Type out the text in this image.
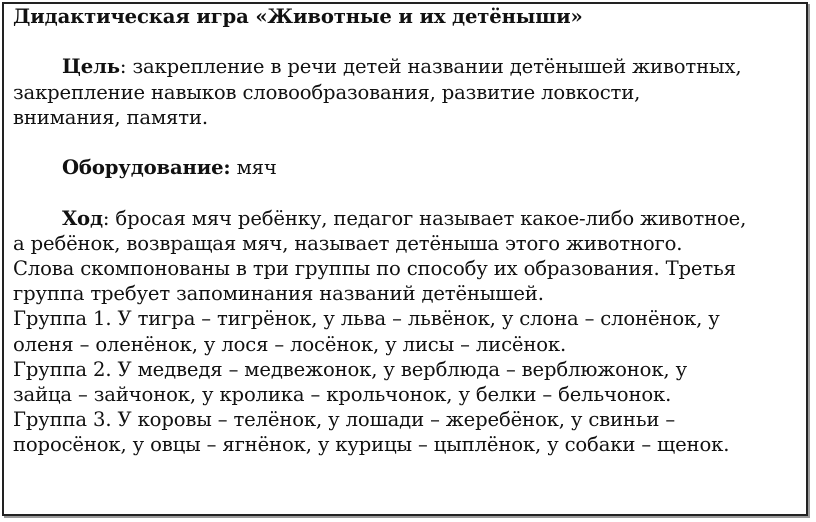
Дидактическая игра «Животные и их детёныши»
Цель: закрепление в речи детей названии детёнышей животных,
закрепление навыков словообразования, развитие ловкости,
внимания, памяти.
Оборудование: мяч
Ход: бросая мяч ребёнку, педагог называет какое-либо животное,
а ребёнок, возвращая мяч, называет детёныша этого животного.
Слова скомпонованы в три группы по способу их образования. Третья
группа требует запоминания названий детёнышей.
Группа 1. У тигра – тигрёнок, у льва – львёнок, у слона – слонёнок, у
оленя – оленёнок, у лося – лосёнок, у лисы – лисёнок.
Группа 2. У медведя – медвежонок, у верблюда – верблюжонок, у
зайца – зайчонок, у кролика – крольчонок, у белки – бельчонок.
Группа 3. У коровы – телёнок, у лошади – жеребёнок, у свиньи –
поросёнок, у овцы – ягнёнок, у курицы – цыплёнок, у собаки – щенок.
